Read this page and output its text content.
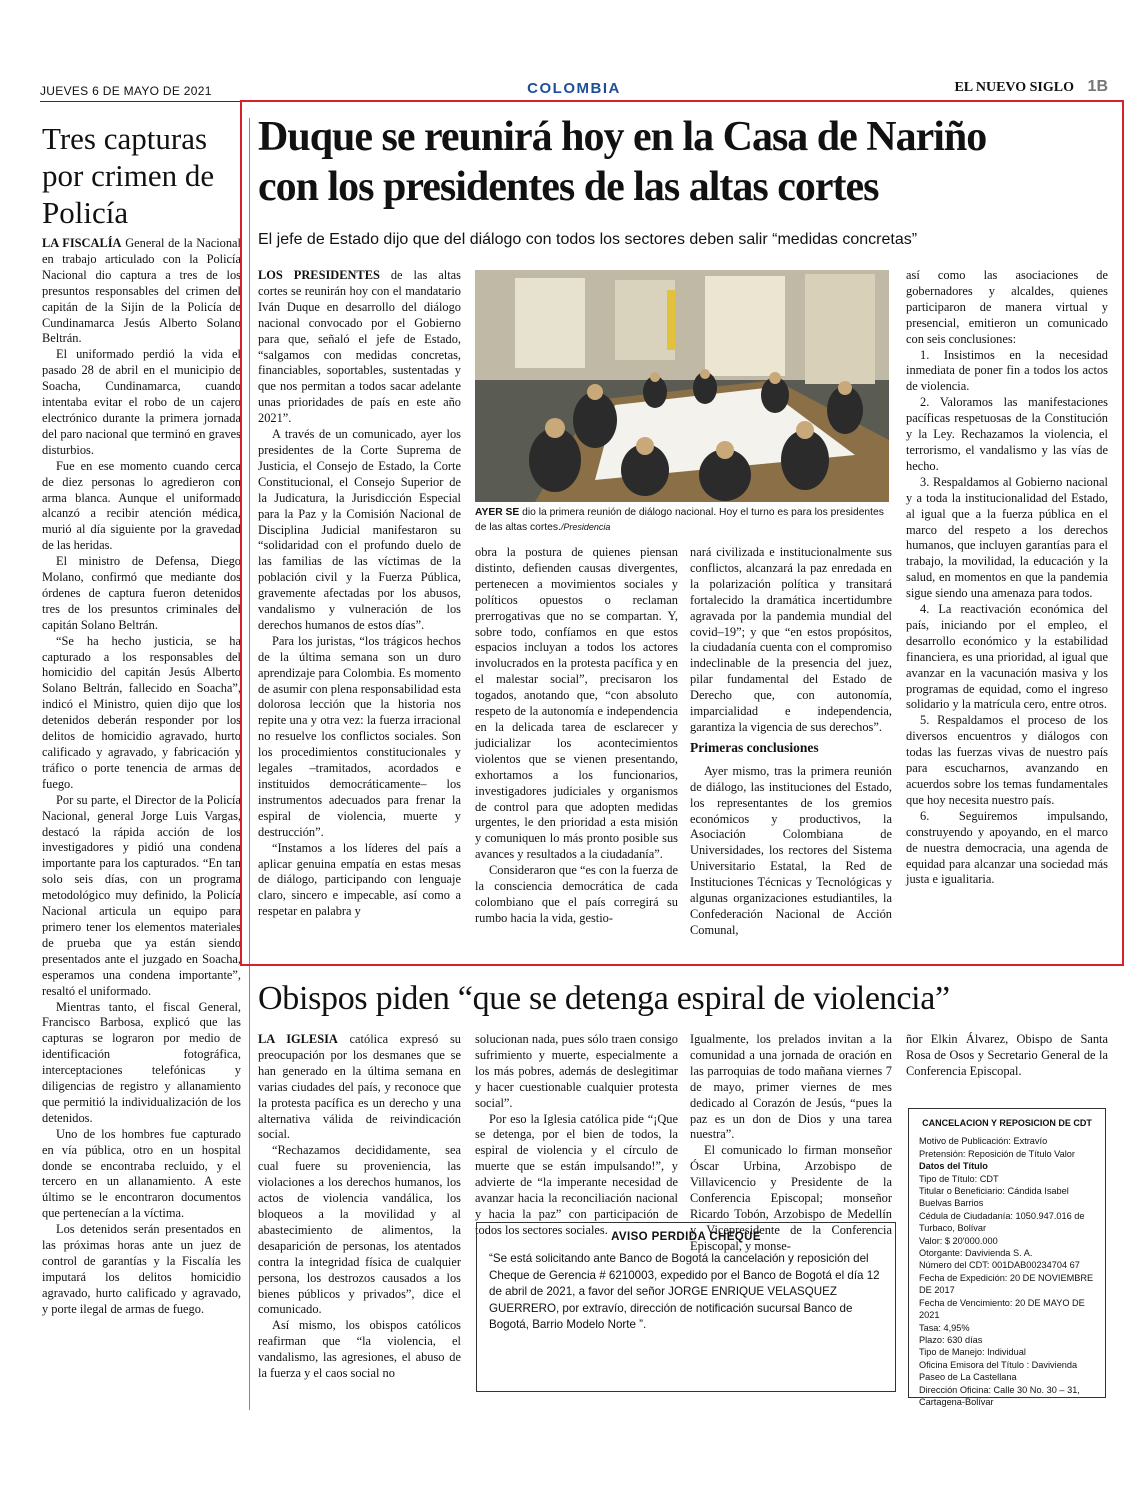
JUEVES 6 DE MAYO DE 2021	COLOMBIA	EL NUEVO SIGLO 1B
Tres capturas por crimen de Policía

LA FISCALÍA General de la Nacional en trabajo articulado con la Policía Nacional dio captura a tres de los presuntos responsables del crimen del capitán de la Sijin de la Policía de Cundinamarca Jesús Alberto Solano Beltrán.

El uniformado perdió la vida el pasado 28 de abril en el municipio de Soacha, Cundinamarca, cuando intentaba evitar el robo de un cajero electrónico durante la primera jornada del paro nacional que terminó en graves disturbios.

Fue en ese momento cuando cerca de diez personas lo agredieron con arma blanca. Aunque el uniformado alcanzó a recibir atención médica, murió al día siguiente por la gravedad de las heridas.

El ministro de Defensa, Diego Molano, confirmó que mediante dos órdenes de captura fueron detenidos tres de los presuntos criminales del capitán Solano Beltrán.

“Se ha hecho justicia, se ha capturado a los responsables del homicidio del capitán Jesús Alberto Solano Beltrán, fallecido en Soacha”, indicó el Ministro, quien dijo que los detenidos deberán responder por los delitos de homicidio agravado, hurto calificado y agravado, y fabricación y tráfico o porte tenencia de armas de fuego.

Por su parte, el Director de la Policía Nacional, general Jorge Luis Vargas, destacó la rápida acción de los investigadores y pidió una condena importante para los capturados. “En tan solo seis días, con un programa metodológico muy definido, la Policía Nacional articula un equipo para primero tener los elementos materiales de prueba que ya están siendo presentados ante el juzgado en Soacha, esperamos una condena importante”, resaltó el uniformado.

Mientras tanto, el fiscal General, Francisco Barbosa, explicó que las capturas se lograron por medio de identificación fotográfica, interceptaciones telefónicas y diligencias de registro y allanamiento que permitió la individualización de los detenidos.

Uno de los hombres fue capturado en vía pública, otro en un hospital donde se encontraba recluido, y el tercero en un allanamiento. A este último se le encontraron documentos que pertenecían a la víctima.

Los detenidos serán presentados en las próximas horas ante un juez de control de garantías y la Fiscalía les imputará los delitos homicidio agravado, hurto calificado y agravado, y porte ilegal de armas de fuego.

Duque se reunirá hoy en la Casa de Nariño
con los presidentes de las altas cortes
El jefe de Estado dijo que del diálogo con todos los sectores deben salir “medidas concretas”

LOS PRESIDENTES de las altas cortes se reunirán hoy con el mandatario Iván Duque en desarrollo del diálogo nacional convocado por el Gobierno para que, señaló el jefe de Estado, “salgamos con medidas concretas, financiables, soportables, sustentadas y que nos permitan a todos sacar adelante unas prioridades de país en este año 2021”.

A través de un comunicado, ayer los presidentes de la Corte Suprema de Justicia, el Consejo de Estado, la Corte Constitucional, el Consejo Superior de la Judicatura, la Jurisdicción Especial para la Paz y la Comisión Nacional de Disciplina Judicial manifestaron su “solidaridad con el profundo duelo de las familias de las víctimas de la población civil y la Fuerza Pública, gravemente afectadas por los abusos, vandalismo y vulneración de los derechos humanos de estos días”.

Para los juristas, “los trágicos hechos de la última semana son un duro aprendizaje para Colombia. Es momento de asumir con plena responsabilidad esta dolorosa lección que la historia nos repite una y otra vez: la fuerza irracional no resuelve los conflictos sociales. Son los procedimientos constitucionales y legales –tramitados, acordados e instituidos democráticamente– los instrumentos adecuados para frenar la espiral de violencia, muerte y destrucción”.

“Instamos a los líderes del país a aplicar genuina empatía en estas mesas de diálogo, participando con lenguaje claro, sincero e impecable, así como a respetar en palabra y

AYER SE dio la primera reunión de diálogo nacional. Hoy el turno es para los presidentes de las altas cortes./Presidencia

obra la postura de quienes piensan distinto, defienden causas divergentes, pertenecen a movimientos sociales y políticos opuestos o reclaman prerrogativas que no se compartan. Y, sobre todo, confíamos en que estos espacios incluyan a todos los actores involucrados en la protesta pacífica y en el malestar social”, precisaron los togados, anotando que, “con absoluto respeto de la autonomía e independencia en la delicada tarea de esclarecer y judicializar los acontecimientos violentos que se vienen presentando, exhortamos a los funcionarios, investigadores judiciales y organismos de control para que adopten medidas urgentes, le den prioridad a esta misión y comuniquen lo más pronto posible sus avances y resultados a la ciudadanía”.

Consideraron que “es con la fuerza de la consciencia democrática de cada colombiano que el país corregirá su rumbo hacia la vida, gestio-

nará civilizada e institucionalmente sus conflictos, alcanzará la paz enredada en la polarización política y transitará fortalecido la dramática incertidumbre agravada por la pandemia mundial del covid–19”; y que “en estos propósitos, la ciudadanía cuenta con el compromiso indeclinable de la presencia del juez, pilar fundamental del Estado de Derecho que, con autonomía, imparcialidad e independencia, garantiza la vigencia de sus derechos”.

Primeras conclusiones

Ayer mismo, tras la primera reunión de diálogo, las instituciones del Estado, los representantes de los gremios económicos y productivos, la Asociación Colombiana de Universidades, los rectores del Sistema Universitario Estatal, la Red de Instituciones Técnicas y Tecnológicas y algunas organizaciones estudiantiles, la Confederación Nacional de Acción Comunal,

así como las asociaciones de gobernadores y alcaldes, quienes participaron de manera virtual y presencial, emitieron un comunicado con seis conclusiones:

1. Insistimos en la necesidad inmediata de poner fin a todos los actos de violencia.

2. Valoramos las manifestaciones pacíficas respetuosas de la Constitución y la Ley. Rechazamos la violencia, el terrorismo, el vandalismo y las vías de hecho.

3. Respaldamos al Gobierno nacional y a toda la institucionalidad del Estado, al igual que a la fuerza pública en el marco del respeto a los derechos humanos, que incluyen garantías para el trabajo, la movilidad, la educación y la salud, en momentos en que la pandemia sigue siendo una amenaza para todos.

4. La reactivación económica del país, iniciando por el empleo, el desarrollo económico y la estabilidad financiera, es una prioridad, al igual que avanzar en la vacunación masiva y los programas de equidad, como el ingreso solidario y la matrícula cero, entre otros.

5. Respaldamos el proceso de los diversos encuentros y diálogos con todas las fuerzas vivas de nuestro país para escucharnos, avanzando en acuerdos sobre los temas fundamentales que hoy necesita nuestro país.

6. Seguiremos impulsando, construyendo y apoyando, en el marco de nuestra democracia, una agenda de equidad para alcanzar una sociedad más justa e igualitaria.

Obispos piden “que se detenga espiral de violencia”

LA IGLESIA católica expresó su preocupación por los desmanes que se han generado en la última semana en varias ciudades del país, y reconoce que la protesta pacífica es un derecho y una alternativa válida de reivindicación social.

“Rechazamos decididamente, sea cual fuere su proveniencia, las violaciones a los derechos humanos, los actos de violencia vandálica, los bloqueos a la movilidad y al abastecimiento de alimentos, la desaparición de personas, los atentados contra la integridad física de cualquier persona, los destrozos causados a los bienes públicos y privados”, dice el comunicado.

Así mismo, los obispos católicos reafirman que “la violencia, el vandalismo, las agresiones, el abuso de la fuerza y el caos social no

solucionan nada, pues sólo traen consigo sufrimiento y muerte, especialmente a los más pobres, además de deslegitimar y hacer cuestionable cualquier protesta social”.

Por eso la Iglesia católica pide “¡Que se detenga, por el bien de todos, la espiral de violencia y el círculo de muerte que se están impulsando!”, y advierte de “la imperante necesidad de avanzar hacia la reconciliación nacional y hacia la paz” con participación de todos los sectores sociales.

Igualmente, los prelados invitan a la comunidad a una jornada de oración en las parroquias de todo mañana viernes 7 de mayo, primer viernes de mes dedicado al Corazón de Jesús, “pues la paz es un don de Dios y una tarea nuestra”.

El comunicado lo firman monseñor Óscar Urbina, Arzobispo de Villavicencio y Presidente de la Conferencia Episcopal; monseñor Ricardo Tobón, Arzobispo de Medellín y Vicepresidente de la Conferencia Episcopal, y monse-

ñor Elkin Álvarez, Obispo de Santa Rosa de Osos y Secretario General de la Conferencia Episcopal.

AVISO PERDIDA CHEQUE
“Se está solicitando ante Banco de Bogotá la cancelación y reposición del Cheque de Gerencia # 6210003, expedido por el Banco de Bogotá el día 12 de abril de 2021, a favor del señor JORGE ENRIQUE VELASQUEZ GUERRERO, por extravío, dirección de notificación sucursal Banco de Bogotá, Barrio Modelo Norte ”.
CANCELACION Y REPOSICION DE CDT
Motivo de Publicación: Extravío
Pretensión: Reposición de Título Valor
Datos del Título
Tipo de Título: CDT
Titular o Beneficiario: Cándida Isabel Buelvas Barrios
Cédula de Ciudadanía: 1050.947.016 de Turbaco, Bolívar
Valor: $ 20'000.000
Otorgante: Davivienda S. A.
Número del CDT: 001DAB00234704 67
Fecha de Expedición: 20 DE NOVIEMBRE DE 2017
Fecha de Vencimiento: 20 DE MAYO DE 2021
Tasa: 4,95%
Plazo: 630 días
Tipo de Manejo: Individual
Oficina Emisora del Título : Davivienda Paseo de La Castellana
Dirección Oficina: Calle 30 No. 30 – 31, Cartagena-Bolívar
